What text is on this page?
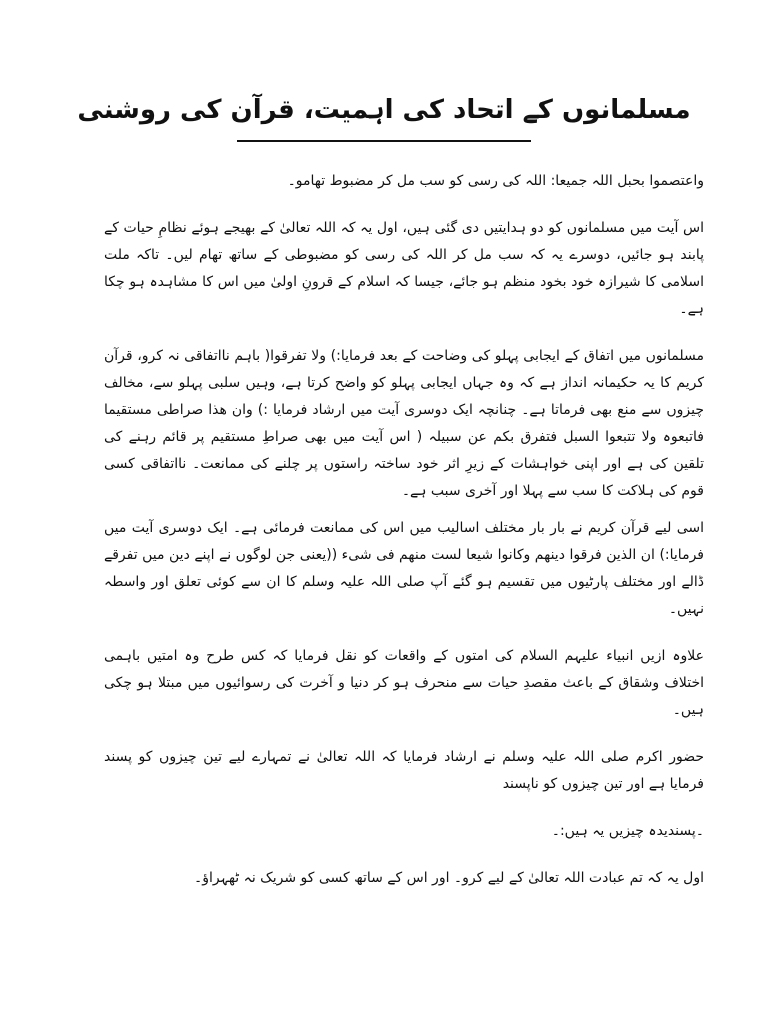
مسلمانوں کے اتحاد کی اہمیت، قرآن کی روشنی

واعتصموا بحبل اللہ جمیعا: اللہ کی رسی کو سب مل کر مضبوط تھامو۔

اس آیت میں مسلمانوں کو دو ہدایتیں دی گئی ہیں، اول یہ کہ اللہ تعالیٰ کے بھیجے ہوئے نظامِ حیات کے پابند ہو جائیں، دوسرے یہ کہ سب مل کر اللہ کی رسی کو مضبوطی کے ساتھ تھام لیں۔ تاکہ ملت اسلامی کا شیرازہ خود بخود منظم ہو جائے، جیسا کہ اسلام کے قرونِ اولیٰ میں اس کا مشاہدہ ہو چکا ہے۔

مسلمانوں میں اتفاق کے ایجابی پہلو کی وضاحت کے بعد فرمایا:) ولا تفرقوا( باہم نااتفاقی نہ کرو، قرآن کریم کا یہ حکیمانہ انداز ہے کہ وہ جہاں ایجابی پہلو کو واضح کرتا ہے، وہیں سلبی پہلو سے، مخالف چیزوں سے منع بھی فرماتا ہے۔ چنانچہ ایک دوسری آیت میں ارشاد فرمایا :) وان ھذا صراطی مستقیما فاتبعوہ ولا تتبعوا السبل فتفرق بکم عن سبیلہ ( اس آیت میں بھی صراطِ مستقیم پر قائم رہنے کی تلقین کی ہے اور اپنی خواہشات کے زیرِ اثر خود ساختہ راستوں پر چلنے کی ممانعت۔ نااتفاقی کسی قوم کی ہلاکت کا سب سے پہلا اور آخری سبب ہے۔

اسی لیے قرآن کریم نے بار بار مختلف اسالیب میں اس کی ممانعت فرمائی ہے۔ ایک دوسری آیت میں فرمایا:) ان الذین فرقوا دینھم وکانوا شیعا لست منھم فی شیء ((یعنی جن لوگوں نے اپنے دین میں تفرقے ڈالے اور مختلف پارٹیوں میں تقسیم ہو گئے آپ صلی اللہ علیہ وسلم کا ان سے کوئی تعلق اور واسطہ نہیں۔

علاوہ ازیں انبیاء علیہم السلام کی امتوں کے واقعات کو نقل فرمایا کہ کس طرح وہ امتیں باہمی اختلاف وشقاق کے باعث مقصدِ حیات سے منحرف ہو کر دنیا و آخرت کی رسوائیوں میں مبتلا ہو چکی ہیں۔

حضور اکرم صلی اللہ علیہ وسلم نے ارشاد فرمایا کہ اللہ تعالیٰ نے تمہارے لیے تین چیزوں کو پسند فرمایا ہے اور تین چیزوں کو ناپسند

۔پسندیدہ چیزیں یہ ہیں:۔

اول یہ کہ تم عبادت اللہ تعالیٰ کے لیے کرو۔ اور اس کے ساتھ کسی کو شریک نہ ٹھہراؤ۔
